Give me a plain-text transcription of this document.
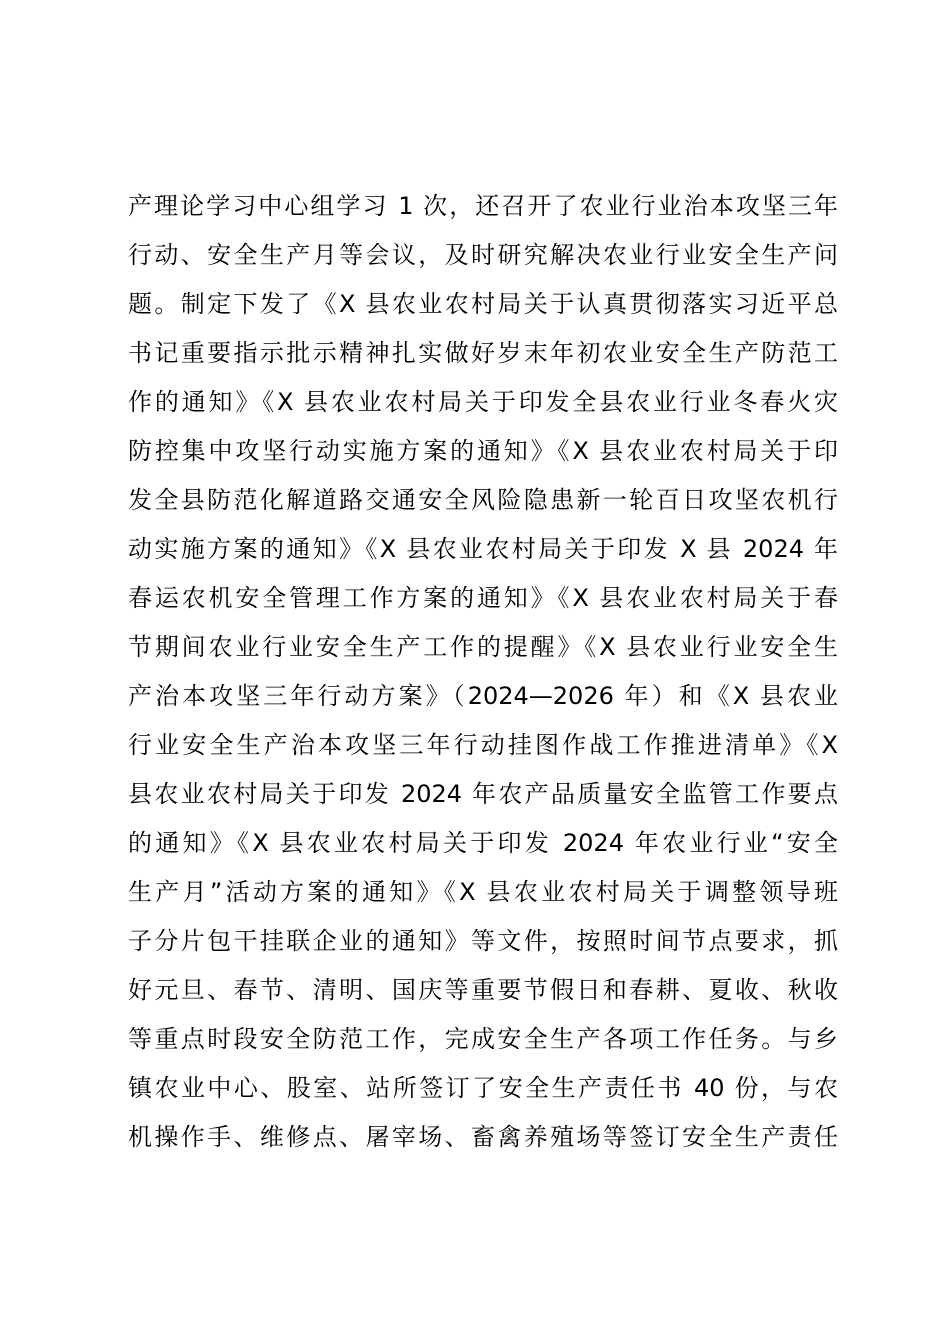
产理论学习中心组学习 1 次，还召开了农业行业治本攻坚三年
行动、安全生产月等会议，及时研究解决农业行业安全生产问
题。制定下发了《X 县农业农村局关于认真贯彻落实习近平总
书记重要指示批示精神扎实做好岁末年初农业安全生产防范工
作的通知》《X 县农业农村局关于印发全县农业行业冬春火灾
防控集中攻坚行动实施方案的通知》《X 县农业农村局关于印
发全县防范化解道路交通安全风险隐患新一轮百日攻坚农机行
动实施方案的通知》《X 县农业农村局关于印发 X 县 2024 年
春运农机安全管理工作方案的通知》《X 县农业农村局关于春
节期间农业行业安全生产工作的提醒》《X 县农业行业安全生
产治本攻坚三年行动方案》（2024—2026 年）和《X 县农业
行业安全生产治本攻坚三年行动挂图作战工作推进清单》《X
县农业农村局关于印发 2024 年农产品质量安全监管工作要点
的通知》《X 县农业农村局关于印发 2024 年农业行业“安全
生产月”活动方案的通知》《X 县农业农村局关于调整领导班
子分片包干挂联企业的通知》等文件，按照时间节点要求，抓
好元旦、春节、清明、国庆等重要节假日和春耕、夏收、秋收
等重点时段安全防范工作，完成安全生产各项工作任务。与乡
镇农业中心、股室、站所签订了安全生产责任书 40 份，与农
机操作手、维修点、屠宰场、畜禽养殖场等签订安全生产责任
